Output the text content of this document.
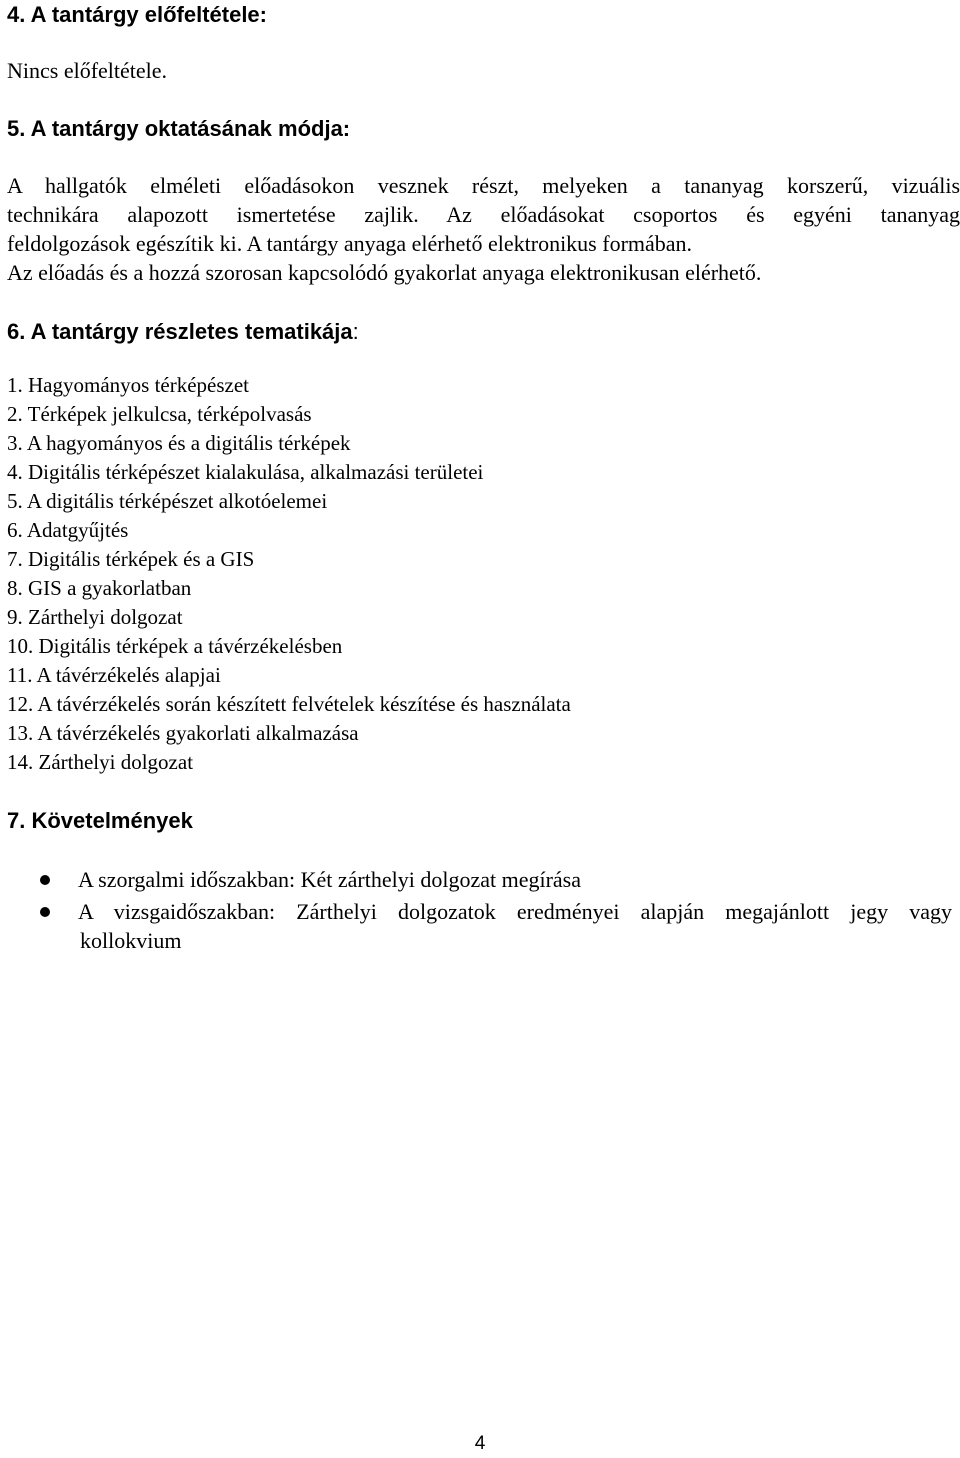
4. A tantárgy előfeltétele:
Nincs előfeltétele.
5. A tantárgy oktatásának módja:
A hallgatók elméleti előadásokon vesznek részt, melyeken a tananyag korszerű, vizuális
technikára alapozott ismertetése zajlik. Az előadásokat csoportos és egyéni tananyag
feldolgozások egészítik ki. A tantárgy anyaga elérhető elektronikus formában.
Az előadás és a hozzá szorosan kapcsolódó gyakorlat anyaga elektronikusan elérhető.
6. A tantárgy részletes tematikája:
1. Hagyományos térképészet
2. Térképek jelkulcsa, térképolvasás
3. A hagyományos és a digitális térképek
4. Digitális térképészet kialakulása, alkalmazási területei
5. A digitális térképészet alkotóelemei
6. Adatgyűjtés
7. Digitális térképek és a GIS
8. GIS a gyakorlatban
9. Zárthelyi dolgozat
10. Digitális térképek a távérzékelésben
11. A távérzékelés alapjai
12. A távérzékelés során készített felvételek készítése és használata
13. A távérzékelés gyakorlati alkalmazása
14. Zárthelyi dolgozat
7. Követelmények
A szorgalmi időszakban: Két zárthelyi dolgozat megírása
A vizsgaidőszakban: Zárthelyi dolgozatok eredményei alapján megajánlott jegy vagy
kollokvium
4
